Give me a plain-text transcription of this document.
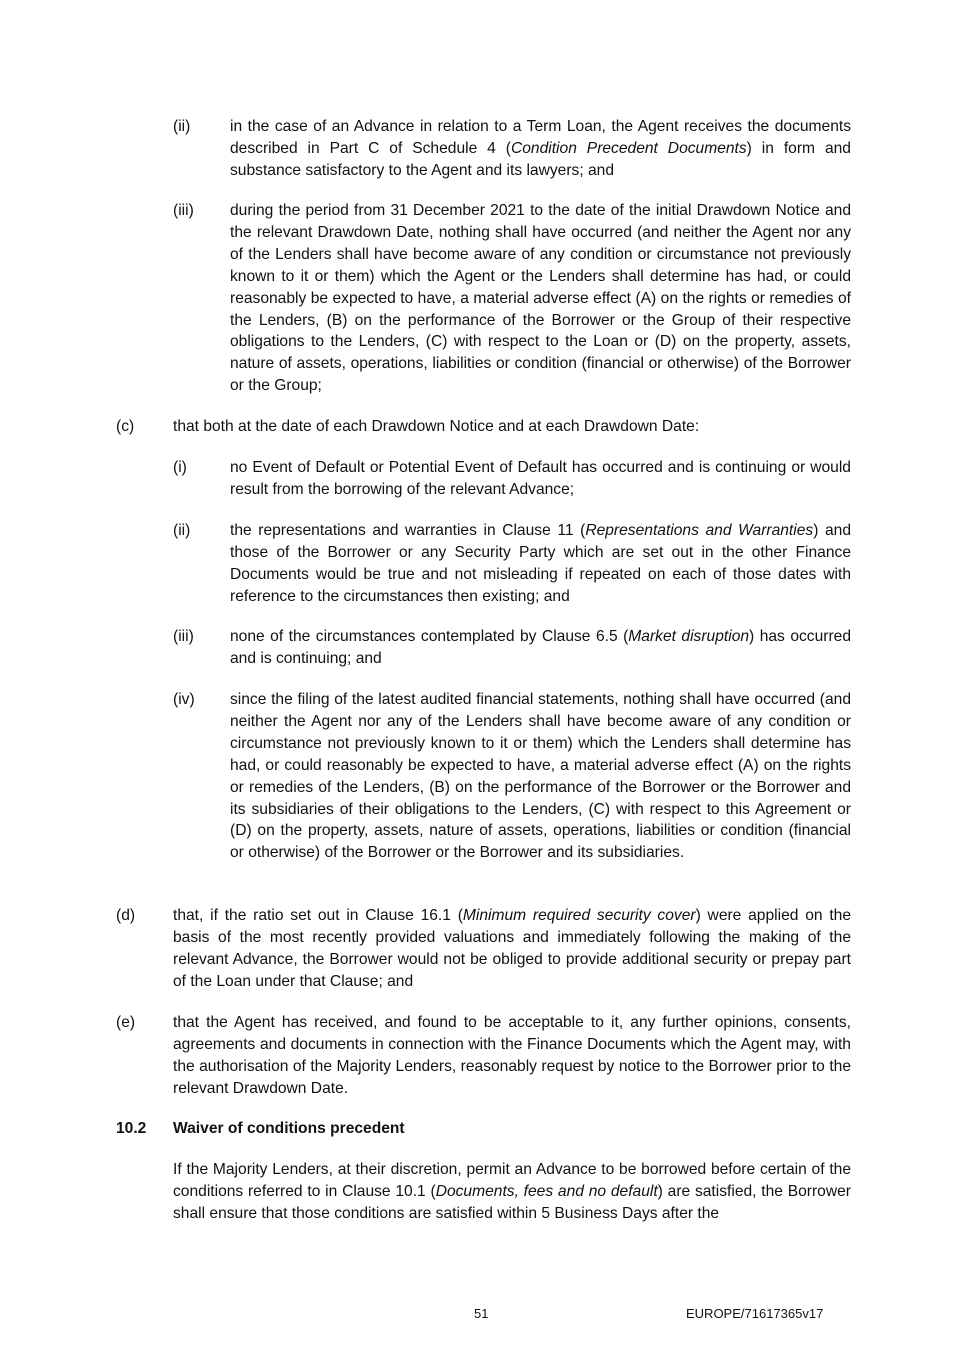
(ii)	in the case of an Advance in relation to a Term Loan, the Agent receives the documents described in Part C of Schedule 4 (Condition Precedent Documents) in form and substance satisfactory to the Agent and its lawyers; and
(iii)	during the period from 31 December 2021 to the date of the initial Drawdown Notice and the relevant Drawdown Date, nothing shall have occurred (and neither the Agent nor any of the Lenders shall have become aware of any condition or circumstance not previously known to it or them) which the Agent or the Lenders shall determine has had, or could reasonably be expected to have, a material adverse effect (A) on the rights or remedies of the Lenders, (B) on the performance of the Borrower or the Group of their respective obligations to the Lenders, (C) with respect to the Loan or (D) on the property, assets, nature of assets, operations, liabilities or condition (financial or otherwise) of the Borrower or the Group;
(c)	that both at the date of each Drawdown Notice and at each Drawdown Date:
(i)	no Event of Default or Potential Event of Default has occurred and is continuing or would result from the borrowing of the relevant Advance;
(ii)	the representations and warranties in Clause 11 (Representations and Warranties) and those of the Borrower or any Security Party which are set out in the other Finance Documents would be true and not misleading if repeated on each of those dates with reference to the circumstances then existing; and
(iii)	none of the circumstances contemplated by Clause 6.5 (Market disruption) has occurred and is continuing; and
(iv)	since the filing of the latest audited financial statements, nothing shall have occurred (and neither the Agent nor any of the Lenders shall have become aware of any condition or circumstance not previously known to it or them) which the Lenders shall determine has had, or could reasonably be expected to have, a material adverse effect (A) on the rights or remedies of the Lenders, (B) on the performance of the Borrower or the Borrower and its subsidiaries of their obligations to the Lenders, (C) with respect to this Agreement or (D) on the property, assets, nature of assets, operations, liabilities or condition (financial or otherwise) of the Borrower or the Borrower and its subsidiaries.
(d)	that, if the ratio set out in Clause 16.1 (Minimum required security cover) were applied on the basis of the most recently provided valuations and immediately following the making of the relevant Advance, the Borrower would not be obliged to provide additional security or prepay part of the Loan under that Clause; and
(e)	that the Agent has received, and found to be acceptable to it, any further opinions, consents, agreements and documents in connection with the Finance Documents which the Agent may, with the authorisation of the Majority Lenders, reasonably request by notice to the Borrower prior to the relevant Drawdown Date.
10.2	Waiver of conditions precedent
If the Majority Lenders, at their discretion, permit an Advance to be borrowed before certain of the conditions referred to in Clause 10.1 (Documents, fees and no default) are satisfied, the Borrower shall ensure that those conditions are satisfied within 5 Business Days after the
51	EUROPE/71617365v17
